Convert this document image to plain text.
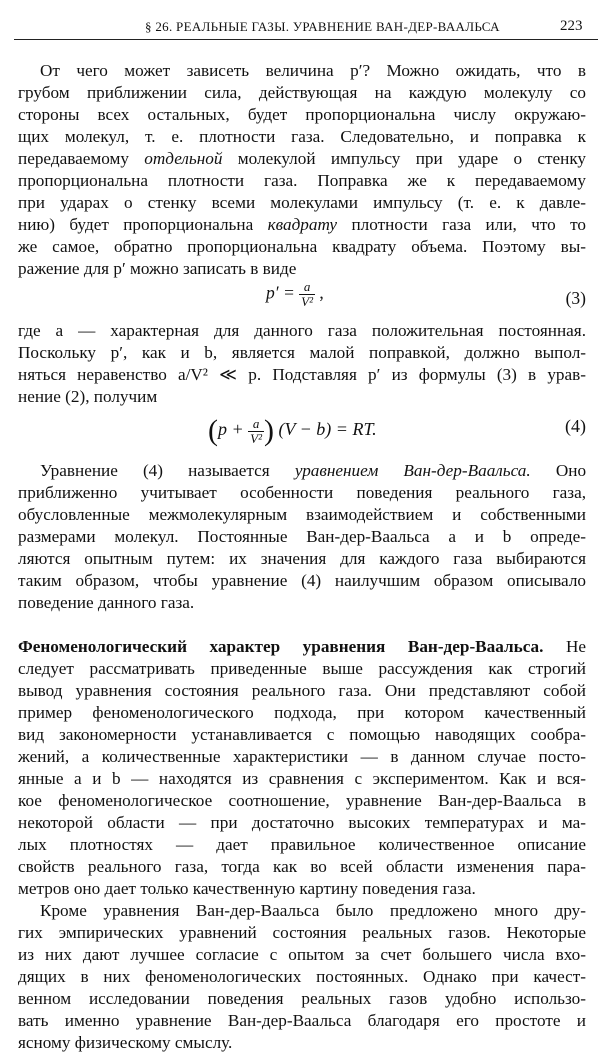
§ 26. РЕАЛЬНЫЕ ГАЗЫ. УРАВНЕНИЕ ВАН-ДЕР-ВААЛЬСА	223
От чего может зависеть величина p′? Можно ожидать, что в
грубом приближении сила, действующая на каждую молекулу со
стороны всех остальных, будет пропорциональна числу окружаю-
щих молекул, т. е. плотности газа. Следовательно, и поправка к
передаваемому отдельной молекулой импульсу при ударе о стенку
пропорциональна плотности газа. Поправка же к передаваемому
при ударах о стенку всеми молекулами импульсу (т. е. к давле-
нию) будет пропорциональна квадрату плотности газа или, что то
же самое, обратно пропорциональна квадрату объема. Поэтому вы-
ражение для p′ можно записать в виде
$p' = \frac{a}{\text{V²}}$ ,	(3)
где a — характерная для данного газа положительная постоянная.
Поскольку p′, как и b, является малой поправкой, должно выпол-
няться неравенство a/V² ≪ p. Подставляя p′ из формулы (3) в урав-
нение (2), получим
($p + \frac{a}{\text{V²}}$ ) (V − b) = RT.	(4)
Уравнение (4) называется уравнением Ван-дер-Ваальса. Оно
приближенно учитывает особенности поведения реального газа,
обусловленные межмолекулярным взаимодействием и собственными
размерами молекул. Постоянные Ван-дер-Ваальса a и b опреде-
ляются опытным путем: их значения для каждого газа выбираются
таким образом, чтобы уравнение (4) наилучшим образом описывало
поведение данного газа.
Феноменологический характер уравнения Ван-дер-Ваальса. Не
следует рассматривать приведенные выше рассуждения как строгий
вывод уравнения состояния реального газа. Они представляют собой
пример феноменологического подхода, при котором качественный
вид закономерности устанавливается с помощью наводящих сообра-
жений, а количественные характеристики — в данном случае посто-
янные a и b — находятся из сравнения с экспериментом. Как и вся-
кое феноменологическое соотношение, уравнение Ван-дер-Ваальса в
некоторой области — при достаточно высоких температурах и ма-
лых плотностях — дает правильное количественное описание
свойств реального газа, тогда как во всей области изменения пара-
метров оно дает только качественную картину поведения газа.
Кроме уравнения Ван-дер-Ваальса было предложено много дру-
гих эмпирических уравнений состояния реальных газов. Некоторые
из них дают лучшее согласие с опытом за счет большего числа вхо-
дящих в них феноменологических постоянных. Однако при качест-
венном исследовании поведения реальных газов удобно использо-
вать именно уравнение Ван-дер-Ваальса благодаря его простоте и
ясному физическому смыслу.
